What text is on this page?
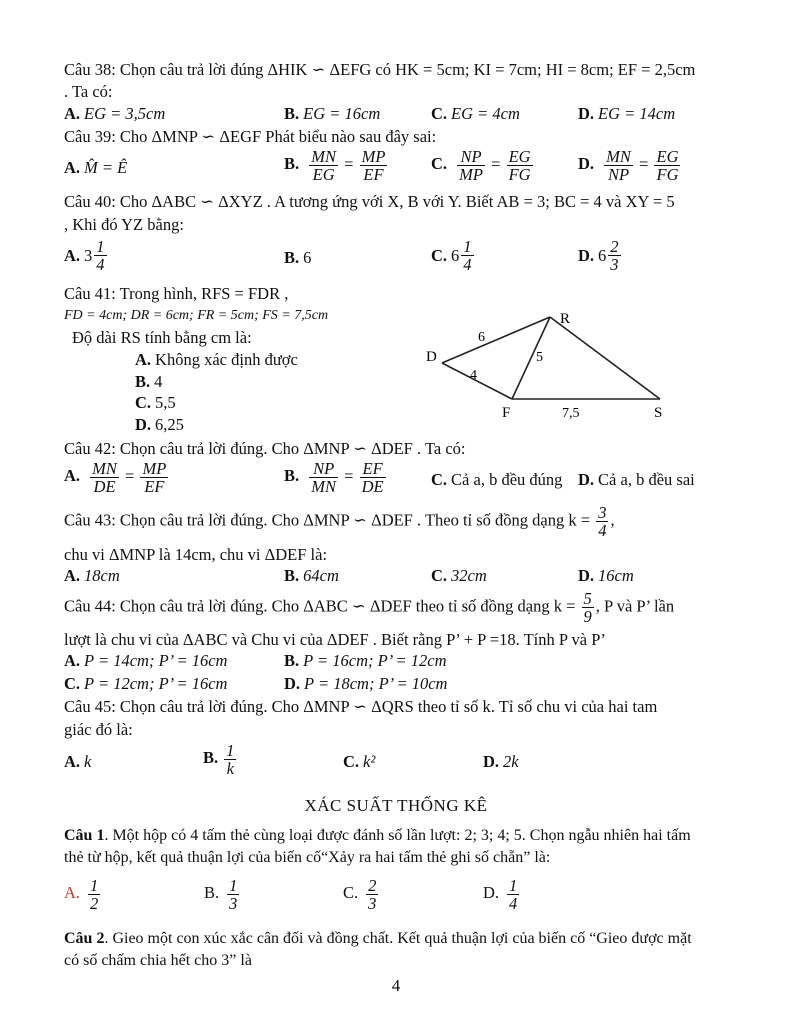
Câu 38: Chọn câu trả lời đúng ΔHIK ∽ ΔEFG có HK = 5cm; KI = 7cm; HI = 8cm; EF = 2,5cm
. Ta có:
A. EG = 3,5cm	B. EG = 16cm	C. EG = 4cm	D. EG = 14cm
Câu 39: Cho ΔMNP ∽ ΔEGF Phát biểu nào sau đây sai:
A. M̂ = Ê	B. $\frac{MN}{EG} = \frac{MP}{EF}$	C. $\frac{NP}{MP} = \frac{EG}{FG}$	D. $\frac{MN}{NP} = \frac{EG}{FG}$
Câu 40: Cho ΔABC ∽ ΔXYZ . A tương ứng với X, B với Y. Biết AB = 3; BC = 4 và XY = 5
, Khi đó YZ bằng:
A. $3 \frac{1}{4}$	B. 6	C. $6 \frac{1}{4}$	D. $6 \frac{2}{3}$
Câu 41: Trong hình, RFS = FDR ,
FD = 4cm; DR = 6cm; FR = 5cm; FS = 7,5cm
Độ dài RS tính bằng cm là:
A. Không xác định được
B. 4
C. 5,5
D. 6,25
R
D
F	S
6
4
5
7,5
Câu 42: Chọn câu trả lời đúng. Cho ΔMNP ∽ ΔDEF . Ta có:
A. $\frac{MN}{DE} = \frac{MP}{EF}$	B. $\frac{NP}{MN} = \frac{EF}{DE}$	C. Cả a, b đều đúng D. Cả a, b đều sai
Câu 43: Chọn câu trả lời đúng. Cho ΔMNP ∽ ΔDEF . Theo tỉ số đồng dạng $k = \frac{3}{4}$ ,
chu vi ΔMNP là 14cm, chu vi ΔDEF là:
A. 18cm	B. 64cm	C. 32cm	D. 16cm
Câu 44: Chọn câu trả lời đúng. Cho ΔABC ∽ ΔDEF theo tỉ số đồng dạng $k = \frac{5}{9}$ , P và P’ lần
lượt là chu vi của ΔABC và Chu vi của ΔDEF . Biết rằng P’ + P =18. Tính P và P’
A. P = 14cm; P’ = 16cm	B. P = 16cm; P’ = 12cm
C. P = 12cm; P’ = 16cm	D. P = 18cm; P’ = 10cm
Câu 45: Chọn câu trả lời đúng. Cho ΔMNP ∽ ΔQRS theo tỉ số k. Tỉ số chu vi của hai tam
giác đó là:
A. k	B. $\frac{1}{k}$	C. k²	D. 2k
XÁC SUẤT THỐNG KÊ
Câu 1. Một hộp có 4 tấm thẻ cùng loại được đánh số lần lượt: 2; 3; 4; 5. Chọn ngẫu nhiên hai tấm
thẻ từ hộp, kết quả thuận lợi của biến cố“Xảy ra hai tấm thẻ ghi số chẵn” là:
A. $\frac{1}{2}$	B. $\frac{1}{3}$	C. $\frac{2}{3}$	D. $\frac{1}{4}$
Câu 2. Gieo một con xúc xắc cân đối và đồng chất. Kết quả thuận lợi của biến cố “Gieo được mặt
có số chấm chia hết cho 3” là
4
